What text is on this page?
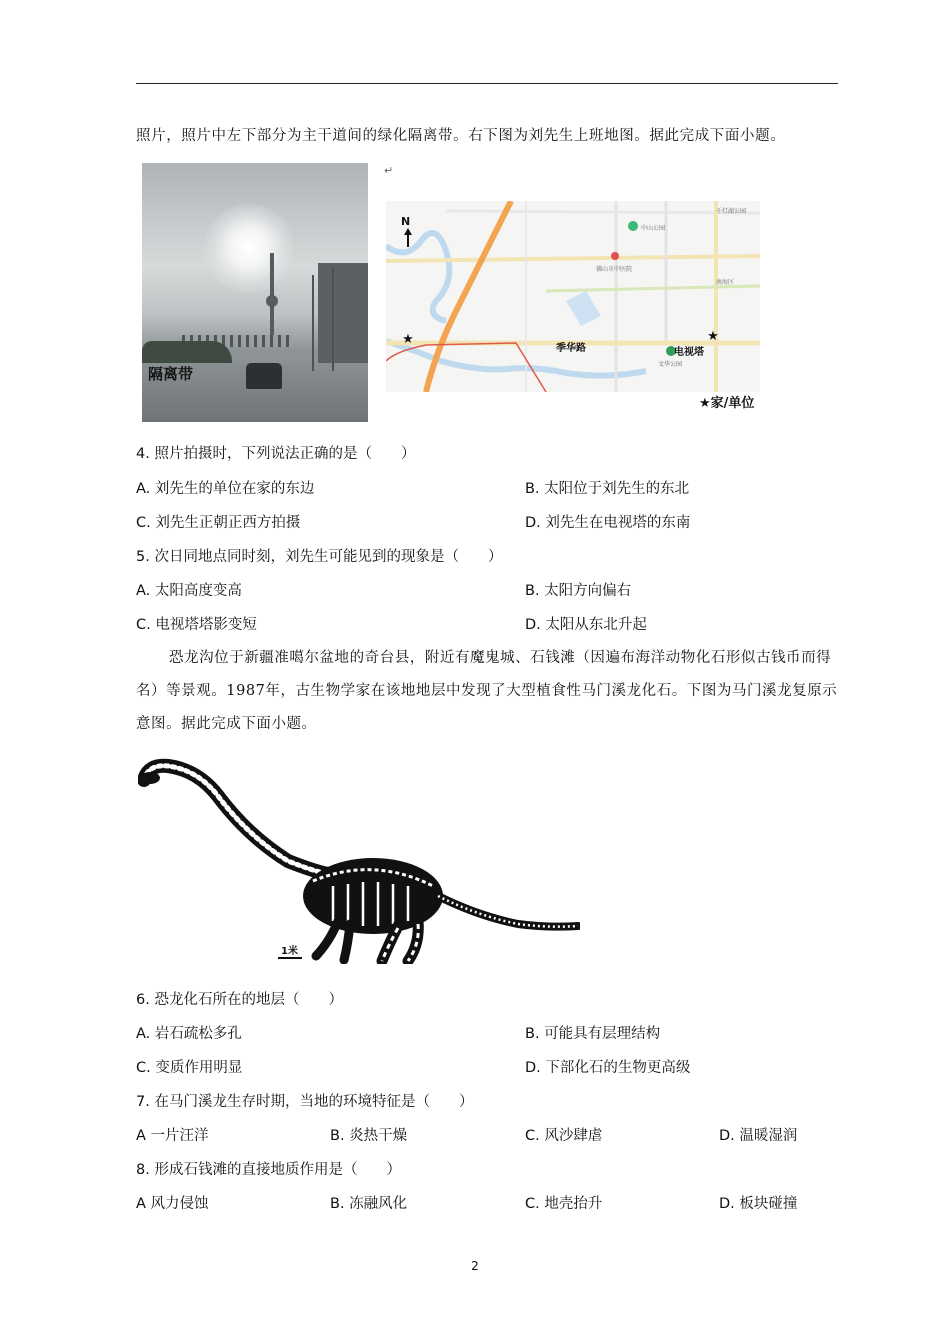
照片，照片中左下部分为主干道间的绿化隔离带。右下图为刘先生上班地图。据此完成下面小题。
隔离带
↵
★	★
N
季华路	电视塔
中山公园
千灯湖公园
佛山市中医院
南海区
文华公园
★家/单位
4. 照片拍摄时，下列说法正确的是（　　）
A. 刘先生的单位在家的东边	B. 太阳位于刘先生的东北
C. 刘先生正朝正西方拍摄	D. 刘先生在电视塔的东南
5. 次日同地点同时刻，刘先生可能见到的现象是（　　）
A. 太阳高度变高	B. 太阳方向偏右
C. 电视塔塔影变短	D. 太阳从东北升起
恐龙沟位于新疆准噶尔盆地的奇台县，附近有魔鬼城、石钱滩（因遍布海洋动物化石形似古钱币而得名）等景观。1987年，古生物学家在该地地层中发现了大型植食性马门溪龙化石。下图为马门溪龙复原示意图。据此完成下面小题。
1米
6. 恐龙化石所在的地层（　　）
A. 岩石疏松多孔	B. 可能具有层理结构
C. 变质作用明显	D. 下部化石的生物更高级
7. 在马门溪龙生存时期，当地的环境特征是（　　）
A 一片汪洋	B. 炎热干燥	C. 风沙肆虐	D. 温暖湿润
8. 形成石钱滩的直接地质作用是（　　）
A 风力侵蚀	B. 冻融风化	C. 地壳抬升	D. 板块碰撞
2
